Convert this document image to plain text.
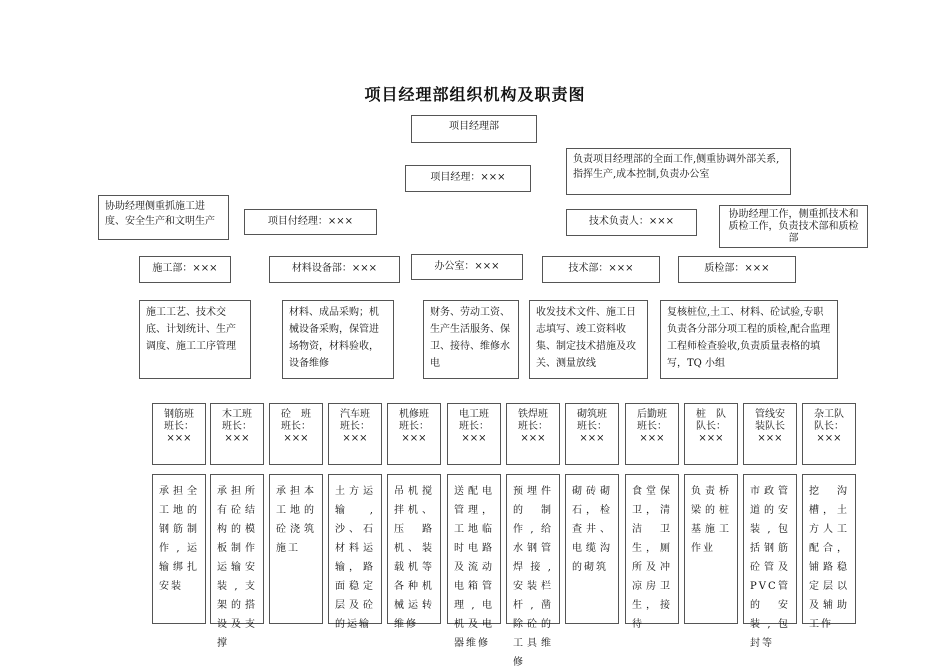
项目经理部组织机构及职责图
项目经理部
项目经理：×××
负责项目经理部的全面工作,侧重协调外部关系,指挥生产,成本控制,负责办公室
协助经理侧重抓施工进度、安全生产和文明生产	项目付经理：×××	技术负责人：×××
协助经理工作，侧重抓技术和质检工作，负责技术部和质检部
施工部：×××	材料设备部：×××	办公室：×××	技术部：×××	质检部：×××
施工工艺、技术交底、计划统计、生产调度、施工工序管理
材料、成品采购；机械设备采购，保管进场物资，材料验收，设备维修
财务、劳动工资、生产生活服务、保卫、接待、维修水电
收发技术文件、施工日志填写、竣工资料收集、制定技术措施及攻关、测量放线
复核桩位,土工、材料、砼试验,专职负责各分部分项工程的质检,配合监理工程师检查验收,负责质量表格的填写，TQ 小组
钢筋班
班长：
×××
木工班
班长：
×××
砼　班
班长：
×××
汽车班
班长：
×××
机修班
班长：
×××
电工班
班长：
×××
铁焊班
班长：
×××
砌筑班
班长：
×××
后勤班
班长：
×××
桩　队
队长：
×××
管线安
装队长
×××
杂工队
队长：
×××
承担全工地的钢筋制作,运输绑扎安装
承担所有砼结构的模板制作运输安装,支架的搭设及支撑
承担本工地的砼浇筑施工
土方运输,沙、石材料运输，路面稳定层及砼的运输
吊机搅拌机、压路机、装载机等各种机械运转维修
送配电管理，工地临时电路及流动电箱管理,电机及电器维修
预埋件的制作,给水钢管焊接,安装栏杆,凿除砼的工具维修
砌砖砌石，检查井、电缆沟的砌筑
食堂保卫，清洁卫生，厕所及冲凉房卫生，接待
负责桥梁的桩基施工作业
市政管道的安装,包括钢筋砼管及PVC管的安装,包封等
挖沟槽，土方人工配合，铺路稳定层以及辅助工作
